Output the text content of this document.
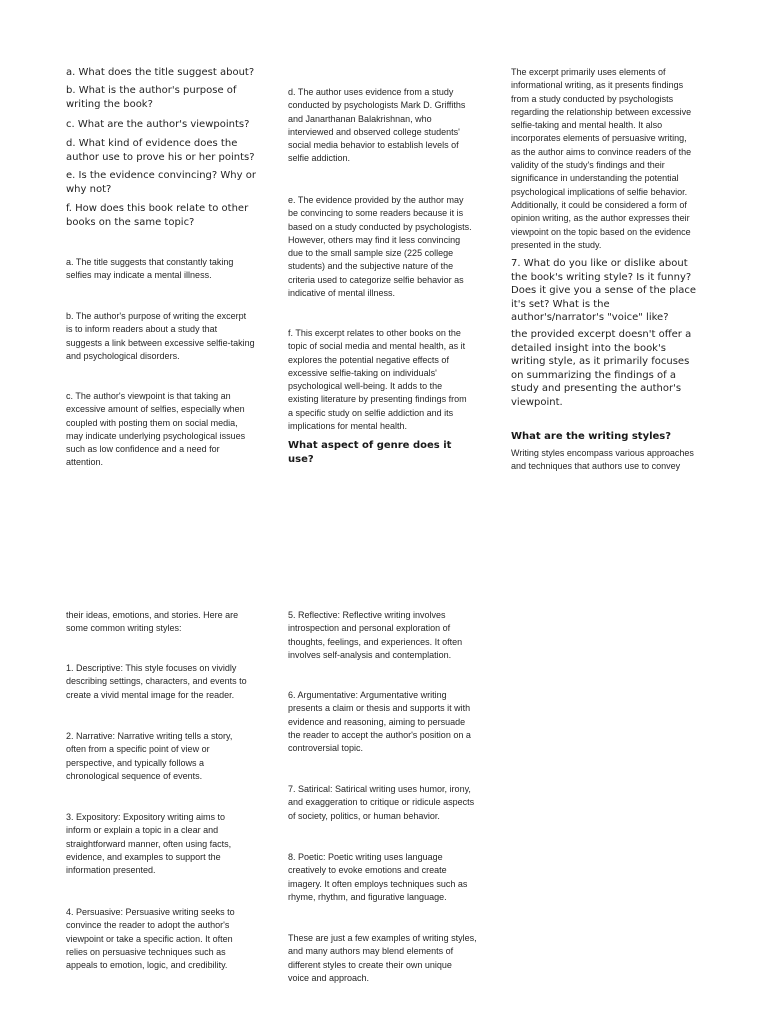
a. What does the title suggest about?

b. What is the author's purpose of
writing the book?

c. What are the author's viewpoints?

d. What kind of evidence does the
author use to prove his or her points?

e. Is the evidence convincing? Why or
why not?

f. How does this book relate to other
books on the same topic?

a. The title suggests that constantly taking
selfies may indicate a mental illness.

b. The author's purpose of writing the excerpt
is to inform readers about a study that
suggests a link between excessive selfie-taking
and psychological disorders.

c. The author's viewpoint is that taking an
excessive amount of selfies, especially when
coupled with posting them on social media,
may indicate underlying psychological issues
such as low confidence and a need for
attention.

d. The author uses evidence from a study
conducted by psychologists Mark D. Griffiths
and Janarthanan Balakrishnan, who
interviewed and observed college students'
social media behavior to establish levels of
selfie addiction.

e. The evidence provided by the author may
be convincing to some readers because it is
based on a study conducted by psychologists.
However, others may find it less convincing
due to the small sample size (225 college
students) and the subjective nature of the
criteria used to categorize selfie behavior as
indicative of mental illness.

f. This excerpt relates to other books on the
topic of social media and mental health, as it
explores the potential negative effects of
excessive selfie-taking on individuals'
psychological well-being. It adds to the
existing literature by presenting findings from
a specific study on selfie addiction and its
implications for mental health.

What aspect of genre does it
use?

The excerpt primarily uses elements of
informational writing, as it presents findings
from a study conducted by psychologists
regarding the relationship between excessive
selfie-taking and mental health. It also
incorporates elements of persuasive writing,
as the author aims to convince readers of the
validity of the study's findings and their
significance in understanding the potential
psychological implications of selfie behavior.
Additionally, it could be considered a form of
opinion writing, as the author expresses their
viewpoint on the topic based on the evidence
presented in the study.

7. What do you like or dislike about
the book's writing style? Is it funny?
Does it give you a sense of the place
it's set? What is the
author's/narrator's "voice" like?

the provided excerpt doesn't offer a
detailed insight into the book's
writing style, as it primarily focuses
on summarizing the findings of a
study and presenting the author's
viewpoint.

What are the writing styles?

Writing styles encompass various approaches
and techniques that authors use to convey

their ideas, emotions, and stories. Here are
some common writing styles:

1. Descriptive: This style focuses on vividly
describing settings, characters, and events to
create a vivid mental image for the reader.

2. Narrative: Narrative writing tells a story,
often from a specific point of view or
perspective, and typically follows a
chronological sequence of events.

3. Expository: Expository writing aims to
inform or explain a topic in a clear and
straightforward manner, often using facts,
evidence, and examples to support the
information presented.

4. Persuasive: Persuasive writing seeks to
convince the reader to adopt the author's
viewpoint or take a specific action. It often
relies on persuasive techniques such as
appeals to emotion, logic, and credibility.

5. Reflective: Reflective writing involves
introspection and personal exploration of
thoughts, feelings, and experiences. It often
involves self-analysis and contemplation.

6. Argumentative: Argumentative writing
presents a claim or thesis and supports it with
evidence and reasoning, aiming to persuade
the reader to accept the author's position on a
controversial topic.

7. Satirical: Satirical writing uses humor, irony,
and exaggeration to critique or ridicule aspects
of society, politics, or human behavior.

8. Poetic: Poetic writing uses language
creatively to evoke emotions and create
imagery. It often employs techniques such as
rhyme, rhythm, and figurative language.

These are just a few examples of writing styles,
and many authors may blend elements of
different styles to create their own unique
voice and approach.
